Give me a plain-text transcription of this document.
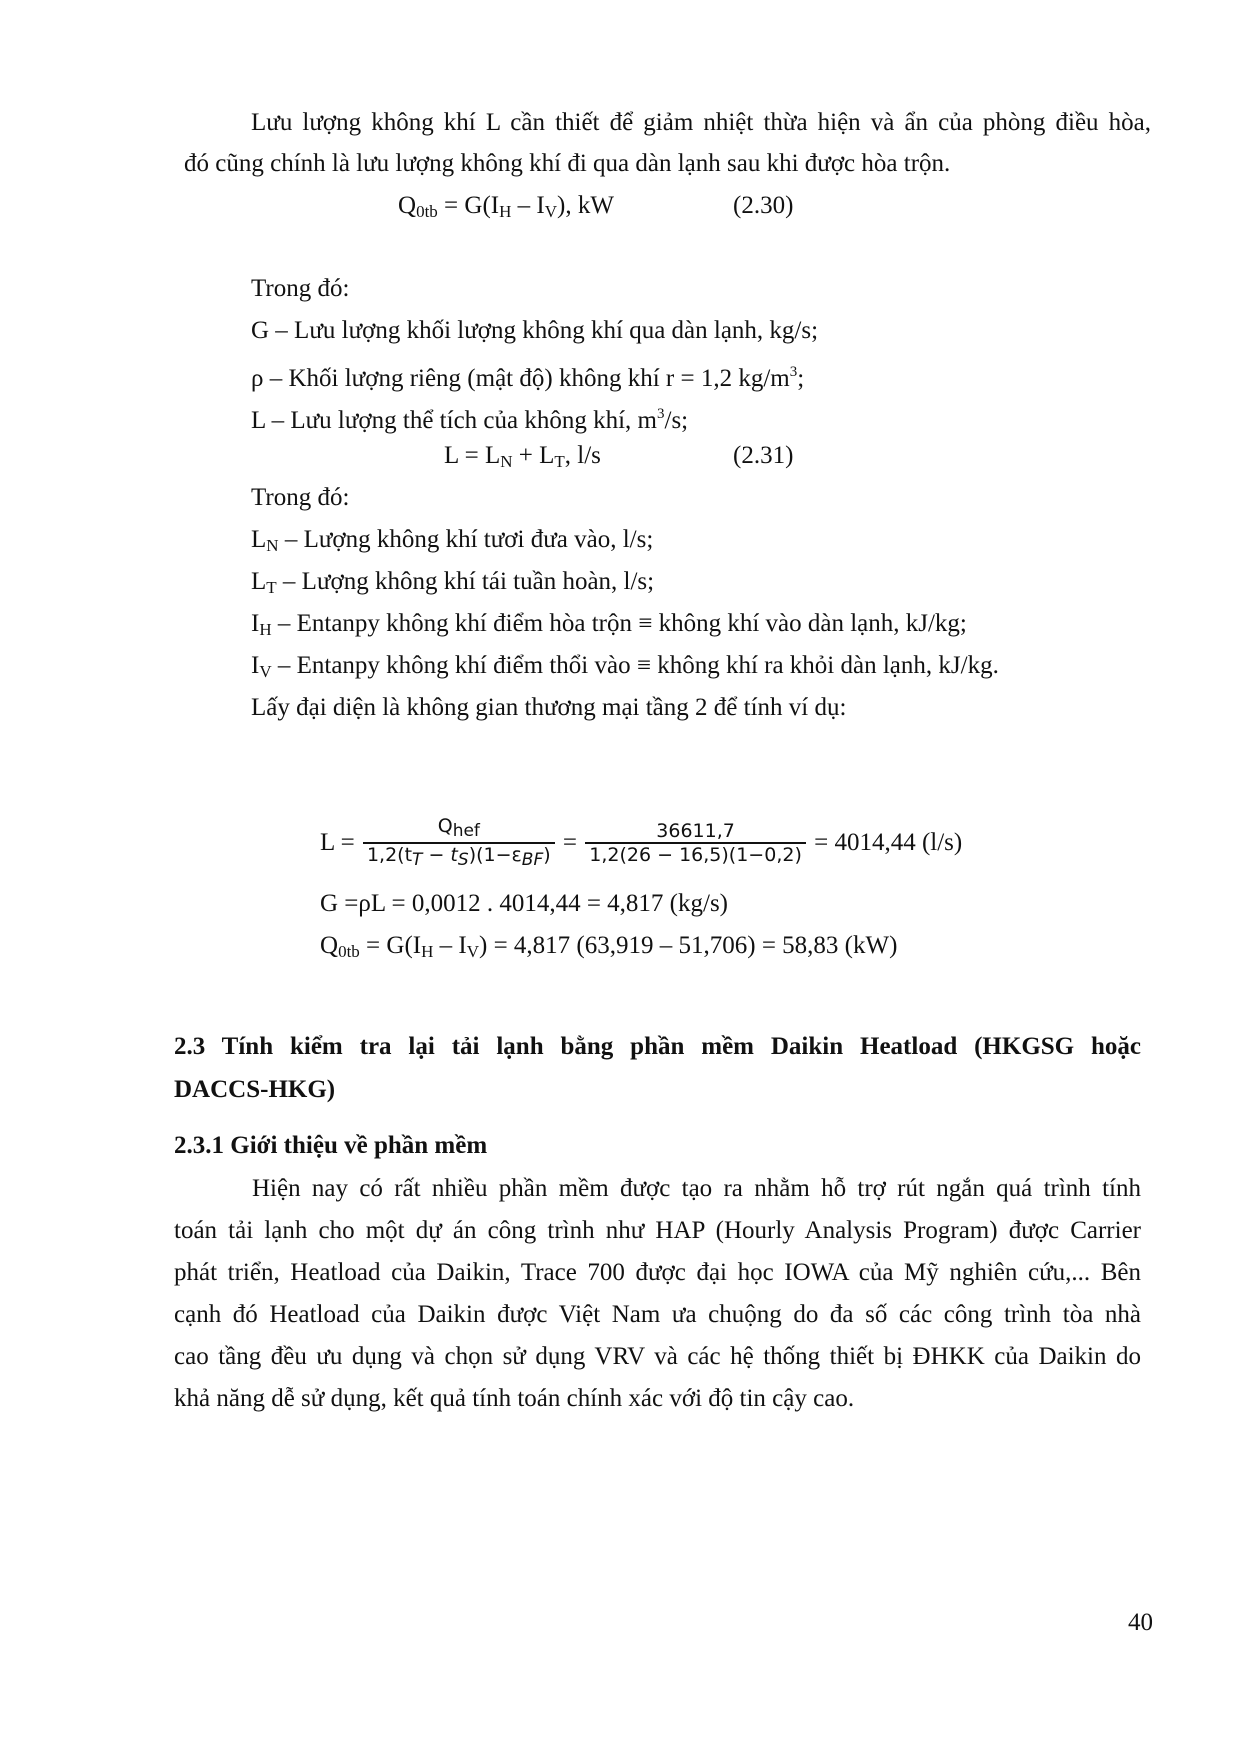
Lưu lượng không khí L cần thiết để giảm nhiệt thừa hiện và ẩn của phòng điều hòa,
đó cũng chính là lưu lượng không khí đi qua dàn lạnh sau khi được hòa trộn.
$Q_{0tb} = G(I_H - I_V)$, kW	(2.30)
Trong đó:
G – Lưu lượng khối lượng không khí qua dàn lạnh, kg/s;
ρ – Khối lượng riêng (mật độ) không khí r = 1,2 $kg/m^3$;
L – Lưu lượng thể tích của không khí, $m^3/s$;
$L = L_N + L_T$, l/s	(2.31)
Trong đó:
$L_N$ – Lượng không khí tươi đưa vào, l/s;
$L_T$ – Lượng không khí tái tuần hoàn, l/s;
$I_H$ – Entanpy không khí điểm hòa trộn ≡ không khí vào dàn lạnh, kJ/kg;
$I_V$ – Entanpy không khí điểm thổi vào ≡ không khí ra khỏi dàn lạnh, kJ/kg.
Lấy đại diện là không gian thương mại tầng 2 để tính ví dụ:
$L = \frac{\text{Qhef}}{\text{1,2(tT − tS)(1−εBF)}} = \frac{36611,7}{1,2(26 - 16,5)(1-0,2)} = 4014,44$ (l/s)
G =ρL = 0,0012 . 4014,44 = 4,817 (kg/s)
$Q_{0tb} = G(I_H - I_V) = 4,817$ (63,919 – 51,706) = 58,83 (kW)
2.3 Tính kiểm tra lại tải lạnh bằng phần mềm Daikin Heatload (HKGSG hoặc
DACCS-HKG)
2.3.1 Giới thiệu về phần mềm
Hiện nay có rất nhiều phần mềm được tạo ra nhằm hỗ trợ rút ngắn quá trình tính
toán tải lạnh cho một dự án công trình như HAP (Hourly Analysis Program) được Carrier
phát triển, Heatload của Daikin, Trace 700 được đại học IOWA của Mỹ nghiên cứu,... Bên
cạnh đó Heatload của Daikin được Việt Nam ưa chuộng do đa số các công trình tòa nhà
cao tầng đều ưu dụng và chọn sử dụng VRV và các hệ thống thiết bị ĐHKK của Daikin do
khả năng dễ sử dụng, kết quả tính toán chính xác với độ tin cậy cao.
40
